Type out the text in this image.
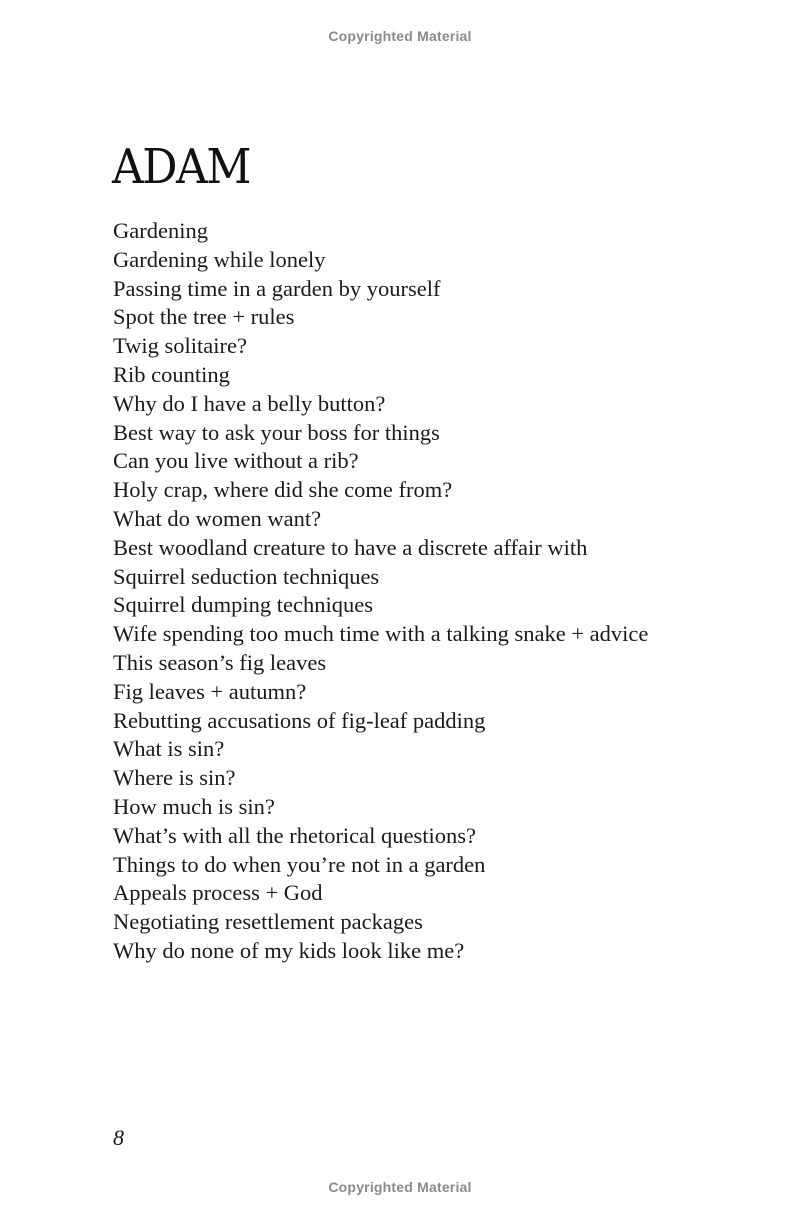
Copyrighted Material
ADAM
Gardening
Gardening while lonely
Passing time in a garden by yourself
Spot the tree + rules
Twig solitaire?
Rib counting
Why do I have a belly button?
Best way to ask your boss for things
Can you live without a rib?
Holy crap, where did she come from?
What do women want?
Best woodland creature to have a discrete affair with
Squirrel seduction techniques
Squirrel dumping techniques
Wife spending too much time with a talking snake + advice
This season’s fig leaves
Fig leaves + autumn?
Rebutting accusations of fig-leaf padding
What is sin?
Where is sin?
How much is sin?
What’s with all the rhetorical questions?
Things to do when you’re not in a garden
Appeals process + God
Negotiating resettlement packages
Why do none of my kids look like me?
8
Copyrighted Material
